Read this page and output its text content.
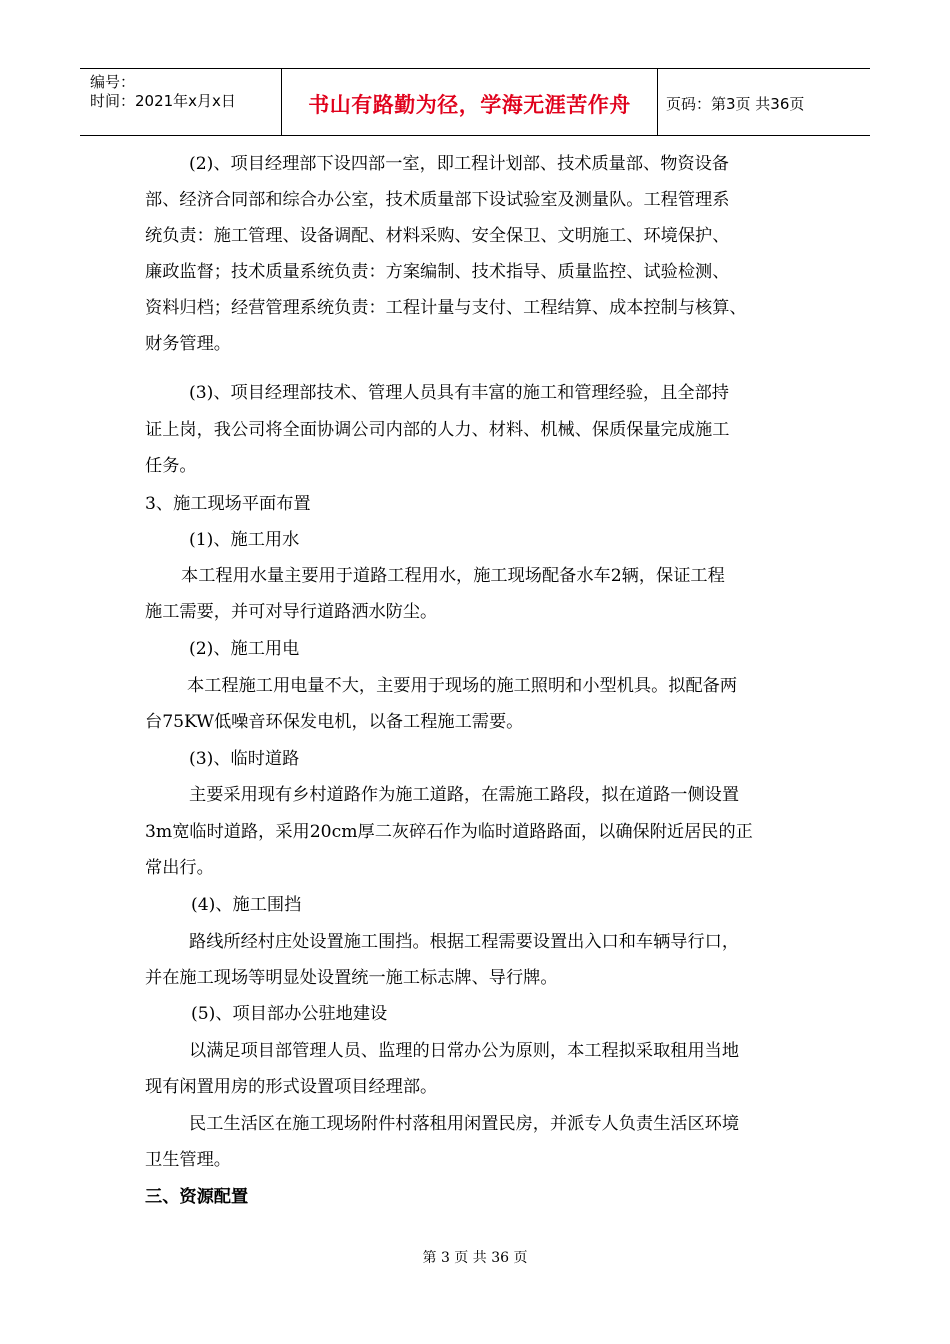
编号：
时间：2021年x月x日	书山有路勤为径，学海无涯苦作舟	页码：第3页 共36页
(2)、项目经理部下设四部一室，即工程计划部、技术质量部、物资设备
部、经济合同部和综合办公室，技术质量部下设试验室及测量队。工程管理系
统负责：施工管理、设备调配、材料采购、安全保卫、文明施工、环境保护、
廉政监督；技术质量系统负责：方案编制、技术指导、质量监控、试验检测、
资料归档；经营管理系统负责：工程计量与支付、工程结算、成本控制与核算、
财务管理。
(3)、项目经理部技术、管理人员具有丰富的施工和管理经验，且全部持
证上岗，我公司将全面协调公司内部的人力、材料、机械、保质保量完成施工
任务。
3、施工现场平面布置
(1)、施工用水
本工程用水量主要用于道路工程用水，施工现场配备水车2辆，保证工程
施工需要，并可对导行道路洒水防尘。
(2)、施工用电
本工程施工用电量不大，主要用于现场的施工照明和小型机具。拟配备两
台75KW低噪音环保发电机，以备工程施工需要。
(3)、临时道路
主要采用现有乡村道路作为施工道路，在需施工路段，拟在道路一侧设置
3m宽临时道路，采用20cm厚二灰碎石作为临时道路路面，以确保附近居民的正
常出行。
(4)、施工围挡
路线所经村庄处设置施工围挡。根据工程需要设置出入口和车辆导行口，
并在施工现场等明显处设置统一施工标志牌、导行牌。
(5)、项目部办公驻地建设
以满足项目部管理人员、监理的日常办公为原则，本工程拟采取租用当地
现有闲置用房的形式设置项目经理部。
民工生活区在施工现场附件村落租用闲置民房，并派专人负责生活区环境
卫生管理。
三、资源配置
第 3 页 共 36 页
